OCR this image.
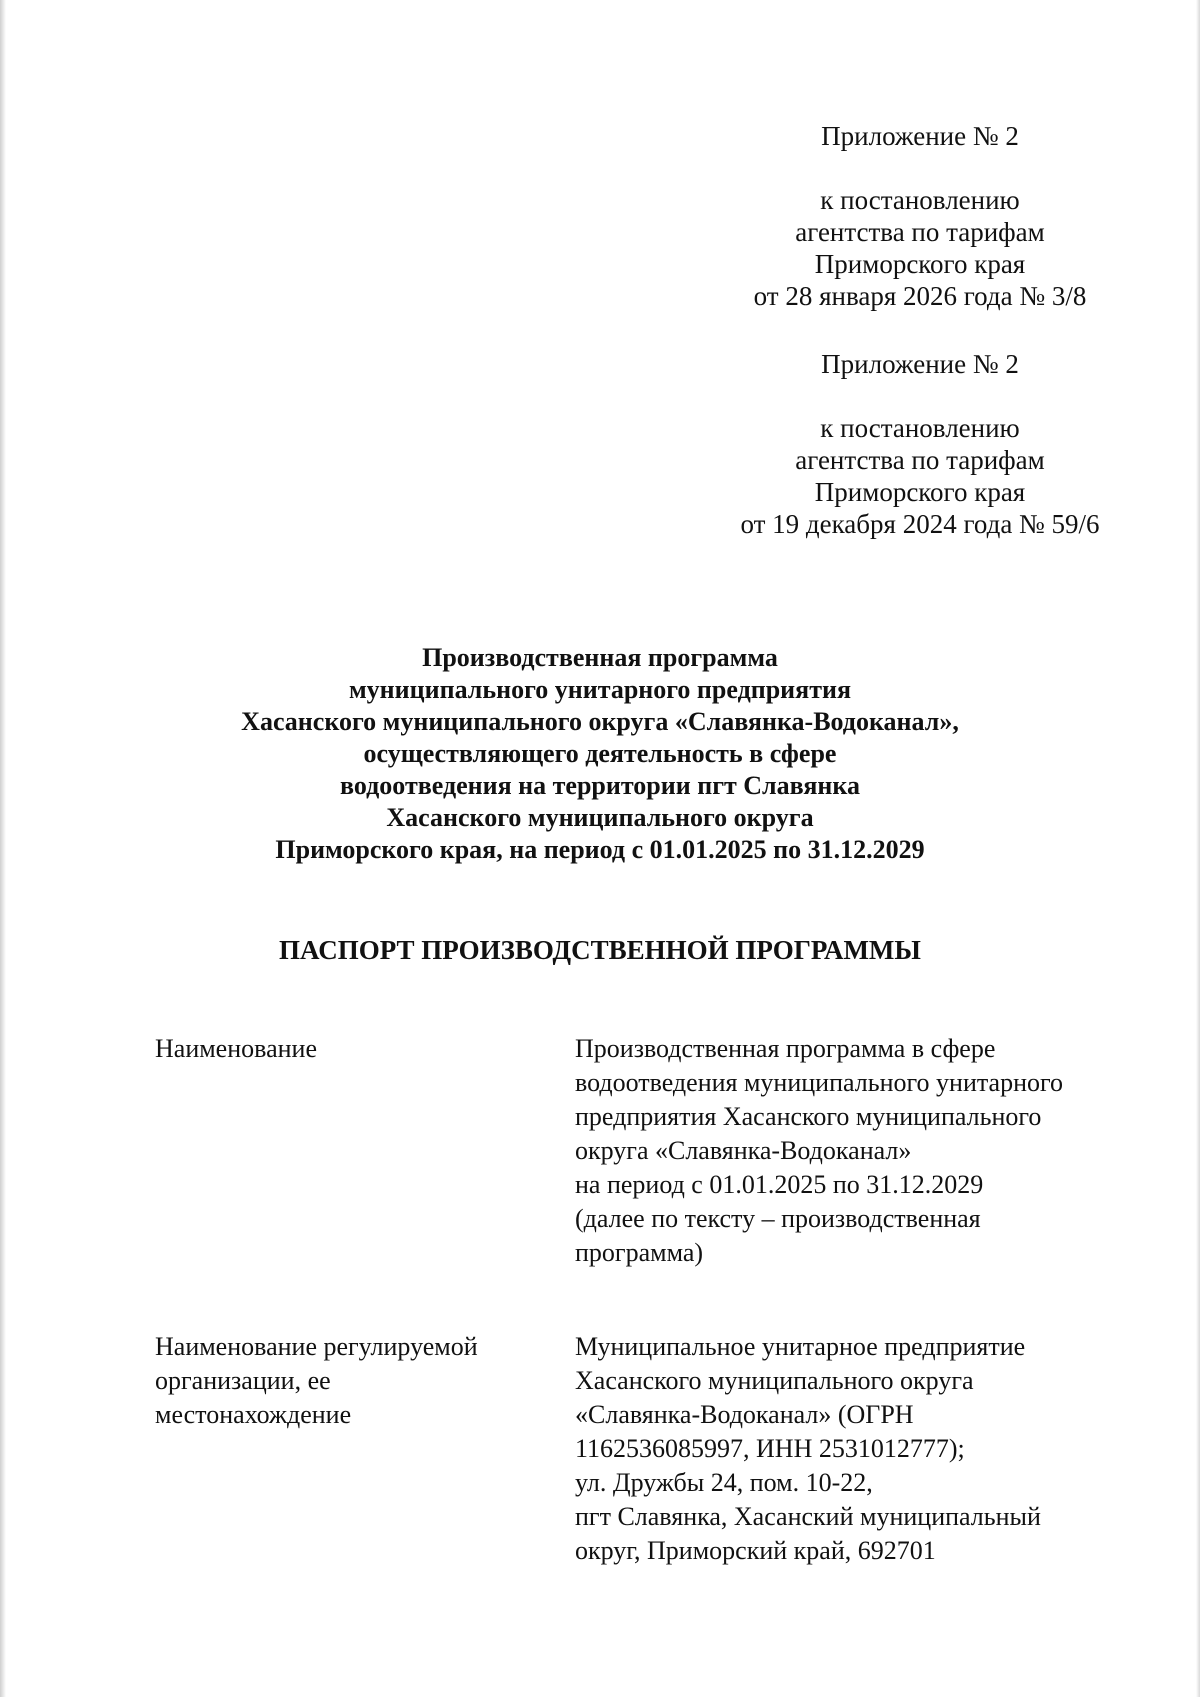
Приложение № 2
к постановлению
агентства по тарифам
Приморского края
от 28 января 2026 года № 3/8
Приложение № 2
к постановлению
агентства по тарифам
Приморского края
от 19 декабря 2024 года № 59/6
Производственная программа
муниципального унитарного предприятия
Хасанского муниципального округа «Славянка-Водоканал»,
осуществляющего деятельность в сфере
водоотведения на территории пгт Славянка
Хасанского муниципального округа
Приморского края, на период с 01.01.2025 по 31.12.2029
ПАСПОРТ ПРОИЗВОДСТВЕННОЙ ПРОГРАММЫ
Наименование	Производственная программа в сфере
водоотведения муниципального унитарного
предприятия Хасанского муниципального
округа «Славянка-Водоканал»
на период с 01.01.2025 по 31.12.2029
(далее по тексту – производственная
программа)
Наименование регулируемой
организации, ее
местонахождение
Муниципальное унитарное предприятие
Хасанского муниципального округа
«Славянка-Водоканал» (ОГРН
1162536085997, ИНН 2531012777);
ул. Дружбы 24, пом. 10-22,
пгт Славянка, Хасанский муниципальный
округ, Приморский край, 692701
